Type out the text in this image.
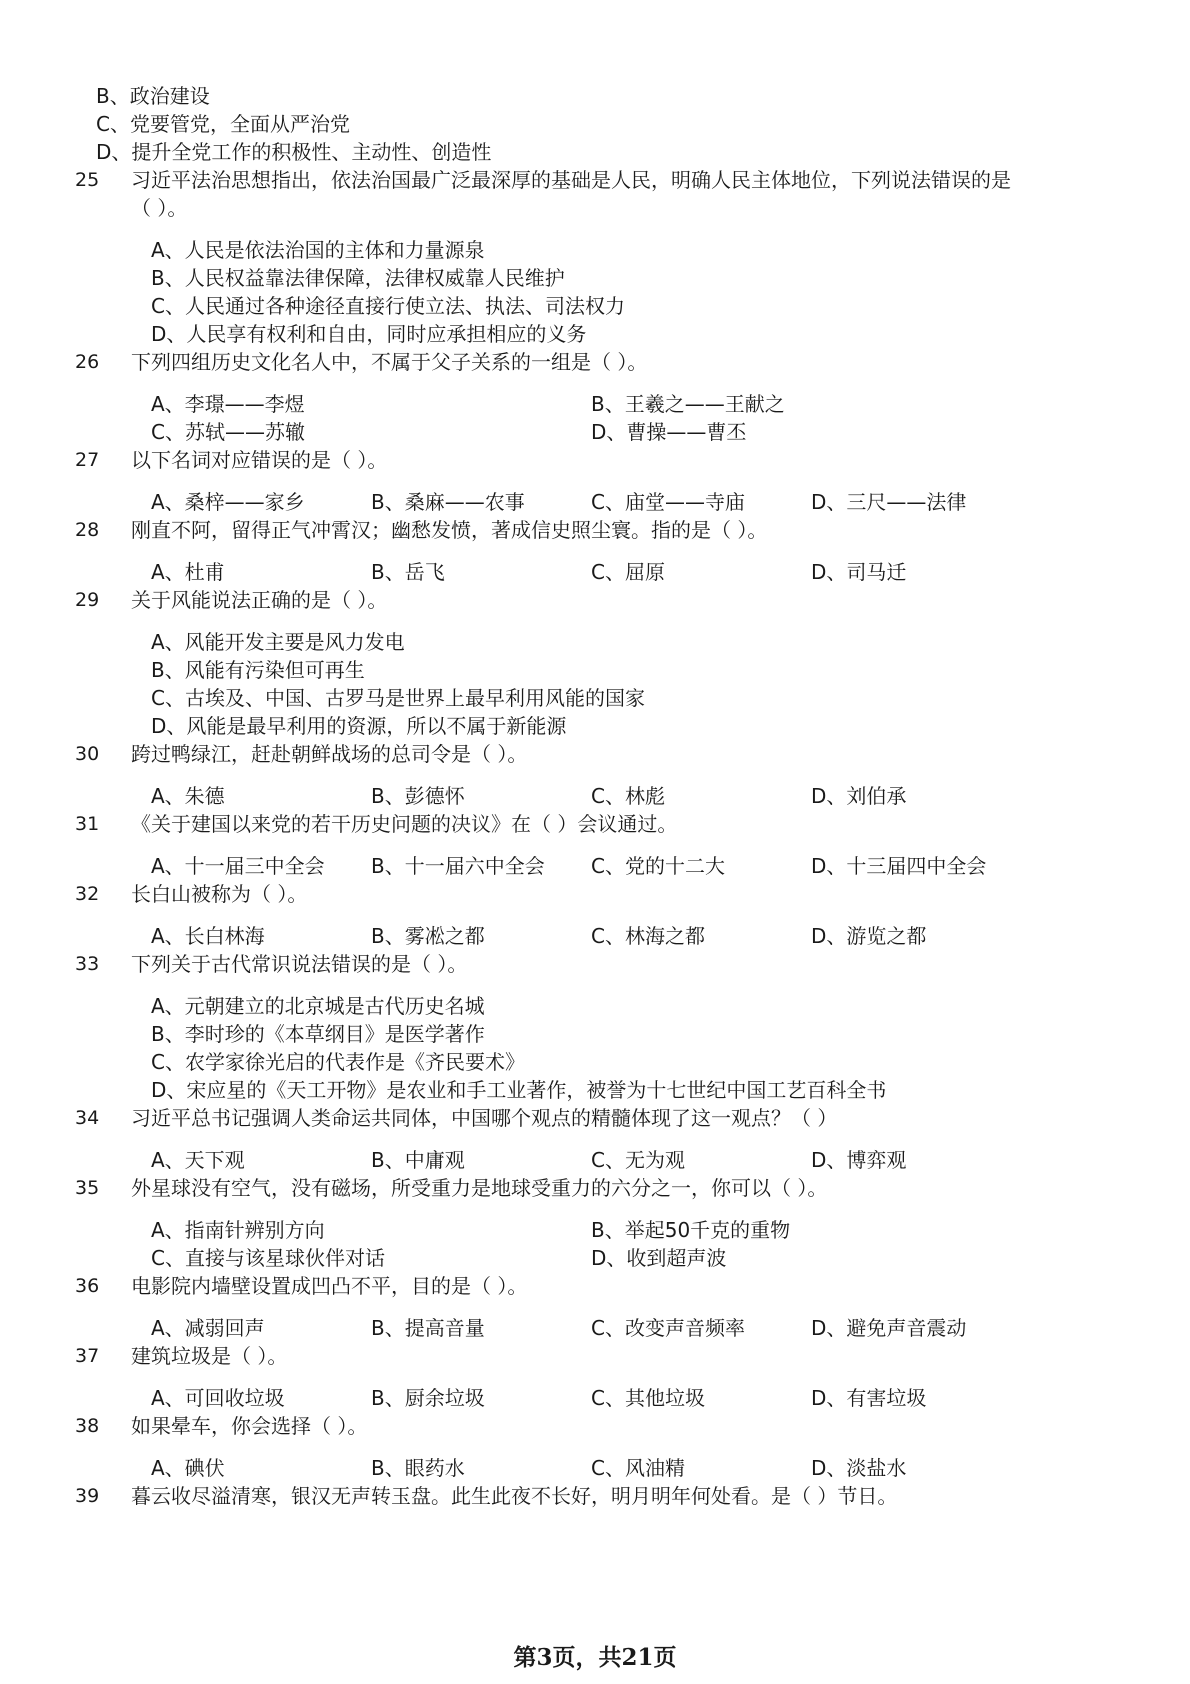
B、政治建设
C、党要管党，全面从严治党
D、提升全党工作的积极性、主动性、创造性
25 习近平法治思想指出，依法治国最广泛最深厚的基础是人民，明确人民主体地位，下列说法错误的是
（ ）。
A、人民是依法治国的主体和力量源泉
B、人民权益靠法律保障，法律权威靠人民维护
C、人民通过各种途径直接行使立法、执法、司法权力
D、人民享有权利和自由，同时应承担相应的义务
26 下列四组历史文化名人中，不属于父子关系的一组是（ ）。
A、李璟——李煜	B、王羲之——王献之
C、苏轼——苏辙	D、曹操——曹丕
27 以下名词对应错误的是（ ）。
A、桑梓——家乡	B、桑麻——农事	C、庙堂——寺庙	D、三尺——法律
28 刚直不阿，留得正气冲霄汉；幽愁发愤，著成信史照尘寰。指的是（ ）。
A、杜甫	B、岳飞	C、屈原	D、司马迁
29 关于风能说法正确的是（ ）。
A、风能开发主要是风力发电
B、风能有污染但可再生
C、古埃及、中国、古罗马是世界上最早利用风能的国家
D、风能是最早利用的资源，所以不属于新能源
30 跨过鸭绿江，赶赴朝鲜战场的总司令是（ ）。
A、朱德	B、彭德怀	C、林彪	D、刘伯承
31 《关于建国以来党的若干历史问题的决议》在（ ）会议通过。
A、十一届三中全会 B、十一届六中全会 C、党的十二大	D、十三届四中全会
32 长白山被称为（ ）。
A、长白林海	B、雾凇之都	C、林海之都	D、游览之都
33 下列关于古代常识说法错误的是（ ）。
A、元朝建立的北京城是古代历史名城
B、李时珍的《本草纲目》是医学著作
C、农学家徐光启的代表作是《齐民要术》
D、宋应星的《天工开物》是农业和手工业著作，被誉为十七世纪中国工艺百科全书
34 习近平总书记强调人类命运共同体，中国哪个观点的精髓体现了这一观点？（ ）
A、天下观	B、中庸观	C、无为观	D、博弈观
35 外星球没有空气，没有磁场，所受重力是地球受重力的六分之一，你可以（ ）。
A、指南针辨别方向	B、举起50千克的重物
C、直接与该星球伙伴对话	D、收到超声波
36 电影院内墙壁设置成凹凸不平，目的是（ ）。
A、减弱回声	B、提高音量	C、改变声音频率	D、避免声音震动
37 建筑垃圾是（ ）。
A、可回收垃圾	B、厨余垃圾	C、其他垃圾	D、有害垃圾
38 如果晕车，你会选择（ ）。
A、碘伏	B、眼药水	C、风油精	D、淡盐水
39 暮云收尽溢清寒，银汉无声转玉盘。此生此夜不长好，明月明年何处看。是（ ）节日。
第3页，共21页
